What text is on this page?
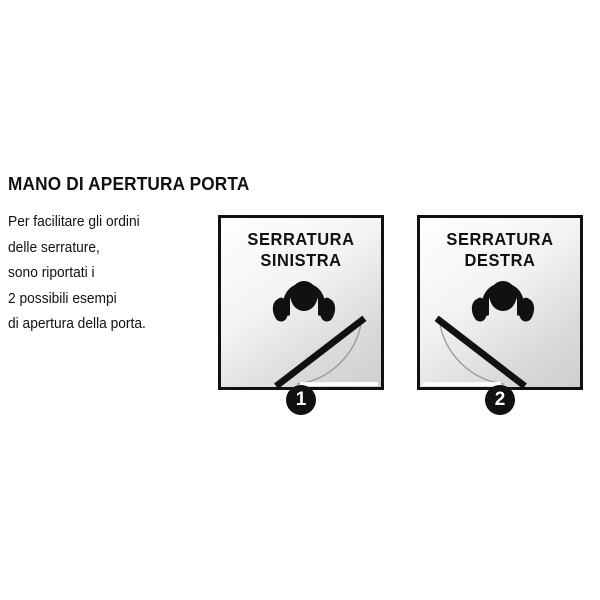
MANO DI APERTURA PORTA
Per facilitare gli ordini
delle serrature,
sono riportati i
2 possibili esempi
di apertura della porta.
SERRATURA
SINISTRA
1
SERRATURA
DESTRA
2
